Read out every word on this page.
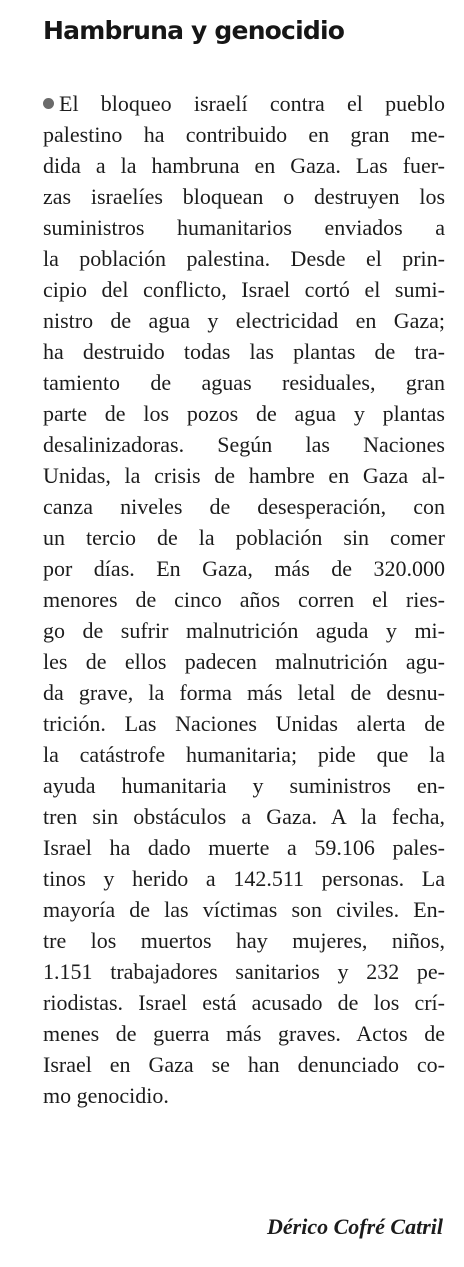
Hambruna y genocidio
El bloqueo israelí contra el pueblo
palestino ha contribuido en gran me-
dida a la hambruna en Gaza. Las fuer-
zas israelíes bloquean o destruyen los
suministros humanitarios enviados a
la población palestina. Desde el prin-
cipio del conflicto, Israel cortó el sumi-
nistro de agua y electricidad en Gaza;
ha destruido todas las plantas de tra-
tamiento de aguas residuales, gran
parte de los pozos de agua y plantas
desalinizadoras. Según las Naciones
Unidas, la crisis de hambre en Gaza al-
canza niveles de desesperación, con
un tercio de la población sin comer
por días. En Gaza, más de 320.000
menores de cinco años corren el ries-
go de sufrir malnutrición aguda y mi-
les de ellos padecen malnutrición agu-
da grave, la forma más letal de desnu-
trición. Las Naciones Unidas alerta de
la catástrofe humanitaria; pide que la
ayuda humanitaria y suministros en-
tren sin obstáculos a Gaza. A la fecha,
Israel ha dado muerte a 59.106 pales-
tinos y herido a 142.511 personas. La
mayoría de las víctimas son civiles. En-
tre los muertos hay mujeres, niños,
1.151 trabajadores sanitarios y 232 pe-
riodistas. Israel está acusado de los crí-
menes de guerra más graves. Actos de
Israel en Gaza se han denunciado co-
mo genocidio.

Dérico Cofré Catril
